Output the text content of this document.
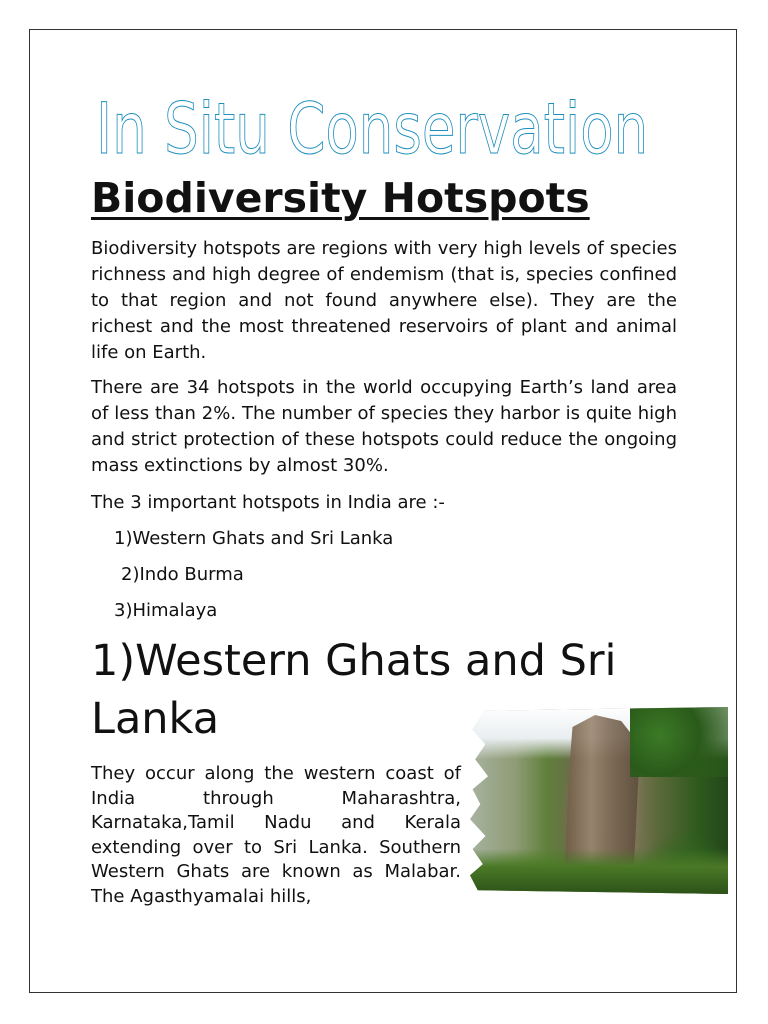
In Situ Conservation
Biodiversity Hotspots

Biodiversity hotspots are regions with very high levels of species richness and high degree of endemism (that is, species confined to that region and not found anywhere else). They are the richest and the most threatened reservoirs of plant and animal life on Earth.

There are 34 hotspots in the world occupying Earth’s land area of less than 2%. The number of species they harbor is quite high and strict protection of these hotspots could reduce the ongoing mass extinctions by almost 30%.

The 3 important hotspots in India are :-

1)Western Ghats and Sri Lanka

2)Indo Burma

3)Himalaya

1)Western Ghats and Sri Lanka

They occur along the western coast of India through Maharashtra, Karnataka,Tamil Nadu and Kerala extending over to Sri Lanka. Southern Western Ghats are known as Malabar. The Agasthyamalai hills,
